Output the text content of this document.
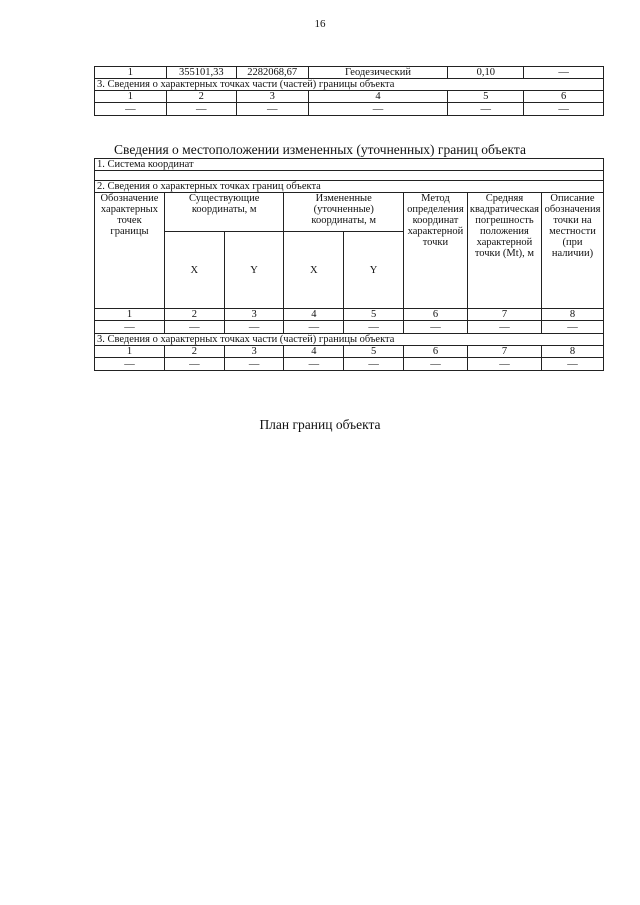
16
1	355101,33	2282068,67	Геодезический	0,10	—
3. Сведения о характерных точках части (частей) границы объекта					
1	2	3	4	5	6
—	—	—	—	—	—
Сведения о местоположении измененных (уточненных) границ объекта
1. Система координат							

2. Сведения о характерных точках границ объекта							
Обозначение характерных точек границы	Существующие координаты, м		Измененные (уточненные) координаты, м		Метод определения координат характерной точки	Средняя квадратическая погрешность положения характерной точки (Mt), м	Описание обозначения точки на местности (при наличии)
	X	Y	X	Y			
1	2	3	4	5	6	7	8
—	—	—	—	—	—	—	—
3. Сведения о характерных точках части (частей) границы объекта							
1	2	3	4	5	6	7	8
—	—	—	—	—	—	—	—
План границ объекта
